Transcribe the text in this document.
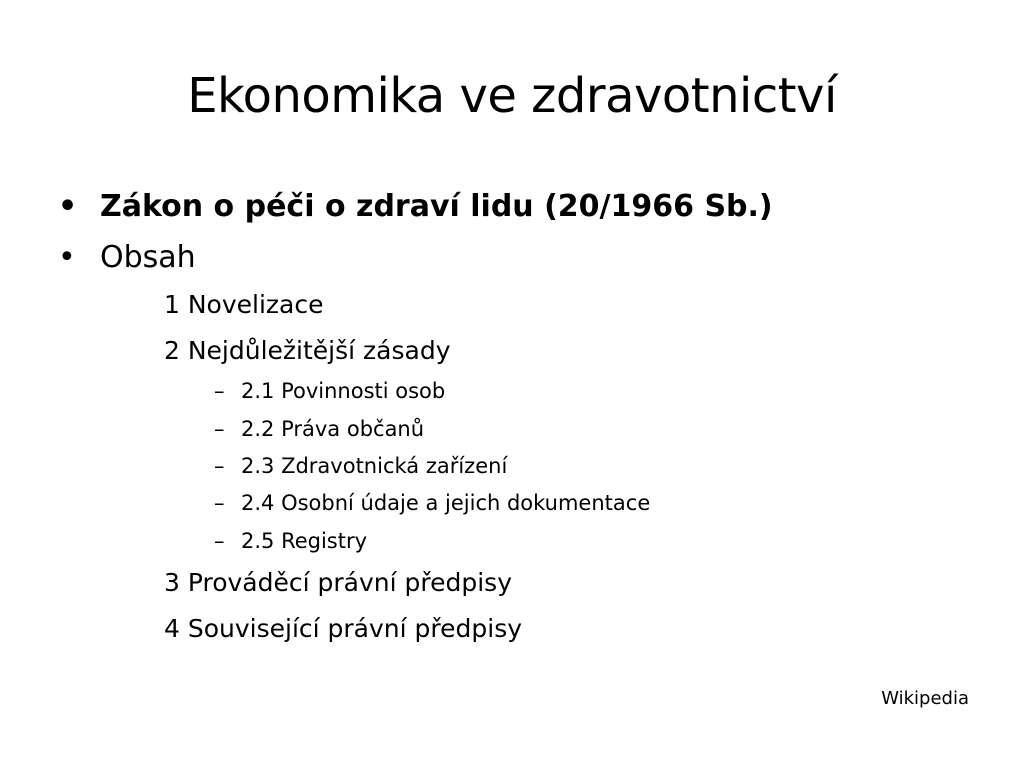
Ekonomika ve zdravotnictví
• Zákon o péči o zdraví lidu (20/1966 Sb.)
• Obsah
1 Novelizace
2 Nejdůležitější zásady
– 2.1 Povinnosti osob
– 2.2 Práva občanů
– 2.3 Zdravotnická zařízení
– 2.4 Osobní údaje a jejich dokumentace
– 2.5 Registry
3 Prováděcí právní předpisy
4 Související právní předpisy
Wikipedia
